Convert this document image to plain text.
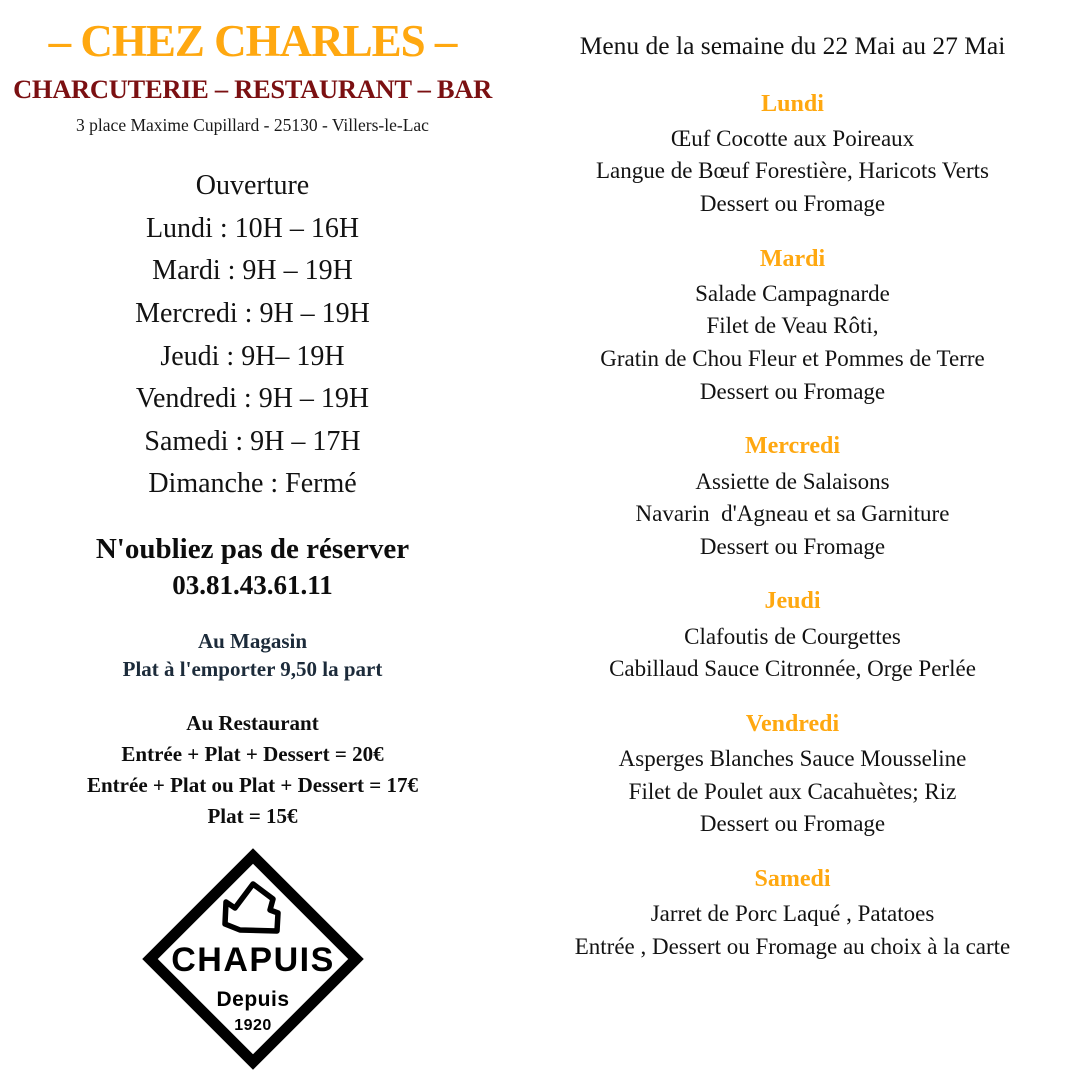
– CHEZ CHARLES –
CHARCUTERIE – RESTAURANT – BAR
3 place Maxime Cupillard - 25130 - Villers-le-Lac
Ouverture
Lundi : 10H – 16H
Mardi : 9H – 19H
Mercredi : 9H – 19H
Jeudi : 9H– 19H
Vendredi : 9H – 19H
Samedi : 9H – 17H
Dimanche : Fermé
N'oubliez pas de réserver
03.81.43.61.11
Au Magasin
Plat à l'emporter 9,50 la part
Au Restaurant
Entrée + Plat + Dessert = 20€
Entrée + Plat ou Plat + Dessert = 17€
Plat = 15€
CHAPUIS
Depuis
1920
Menu de la semaine du 22 Mai au 27 Mai
Lundi
Œuf Cocotte aux Poireaux
Langue de Bœuf Forestière, Haricots Verts
Dessert ou Fromage
Mardi
Salade Campagnarde
Filet de Veau Rôti,
Gratin de Chou Fleur et Pommes de Terre
Dessert ou Fromage
Mercredi
Assiette de Salaisons
Navarin  d'Agneau et sa Garniture
Dessert ou Fromage
Jeudi
Clafoutis de Courgettes
Cabillaud Sauce Citronnée, Orge Perlée
Vendredi
Asperges Blanches Sauce Mousseline
Filet de Poulet aux Cacahuètes; Riz
Dessert ou Fromage
Samedi
Jarret de Porc Laqué , Patatoes
Entrée , Dessert ou Fromage au choix à la carte
